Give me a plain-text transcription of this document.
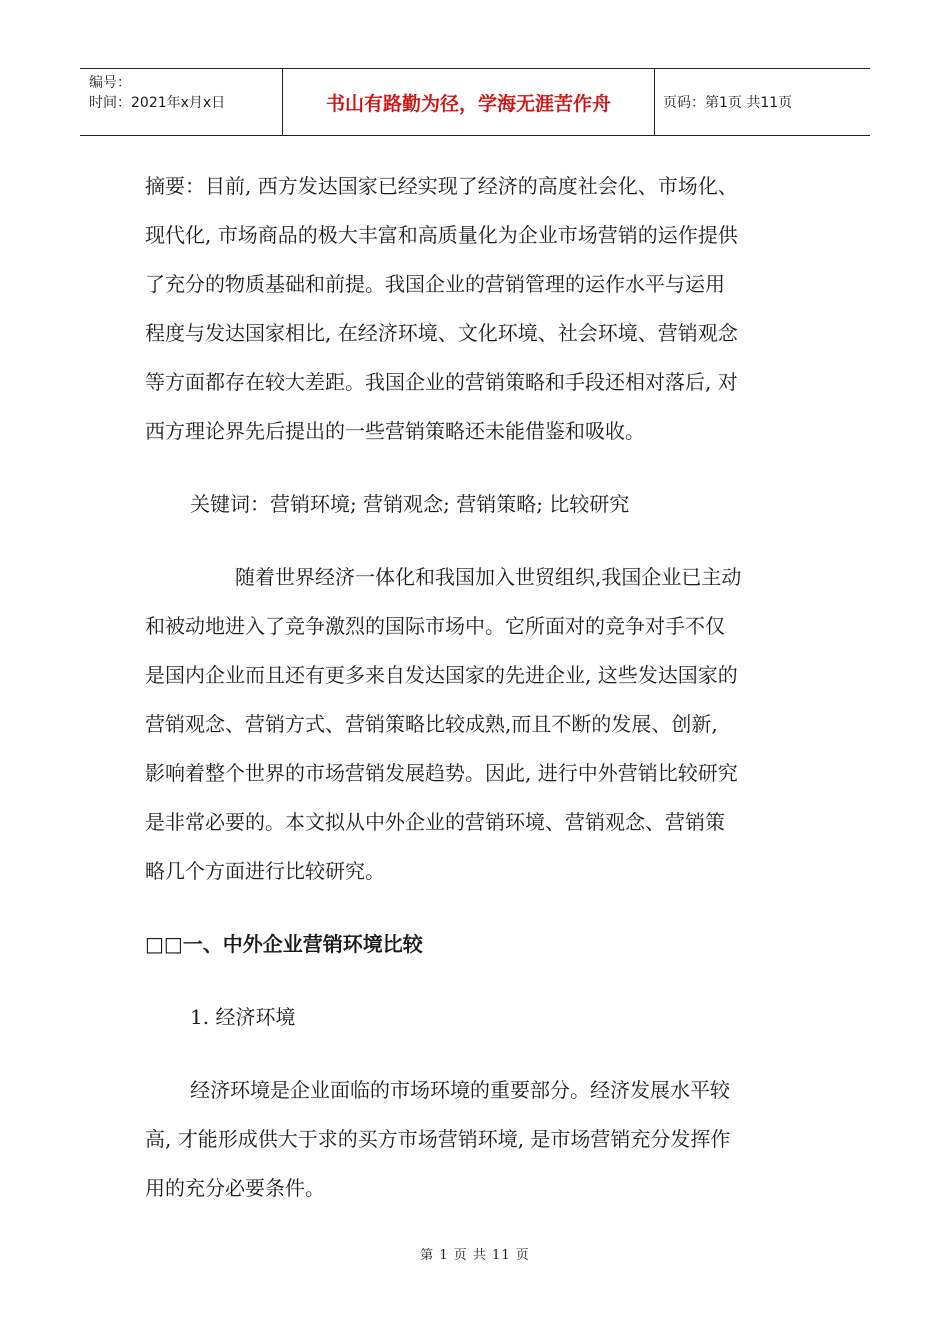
编号：
时间：2021年x月x日	书山有路勤为径，学海无涯苦作舟	页码：第1页 共11页

摘要：目前, 西方发达国家已经实现了经济的高度社会化、市场化、

现代化, 市场商品的极大丰富和高质量化为企业市场营销的运作提供

了充分的物质基础和前提。我国企业的营销管理的运作水平与运用

程度与发达国家相比, 在经济环境、文化环境、社会环境、营销观念

等方面都存在较大差距。我国企业的营销策略和手段还相对落后, 对

西方理论界先后提出的一些营销策略还未能借鉴和吸收。

关键词：营销环境; 营销观念; 营销策略; 比较研究

随着世界经济一体化和我国加入世贸组织,我国企业已主动

和被动地进入了竞争激烈的国际市场中。它所面对的竞争对手不仅

是国内企业而且还有更多来自发达国家的先进企业, 这些发达国家的

营销观念、营销方式、营销策略比较成熟,而且不断的发展、创新,

影响着整个世界的市场营销发展趋势。因此, 进行中外营销比较研究

是非常必要的。本文拟从中外企业的营销环境、营销观念、营销策

略几个方面进行比较研究。

□□一、中外企业营销环境比较

1. 经济环境

经济环境是企业面临的市场环境的重要部分。经济发展水平较

高, 才能形成供大于求的买方市场营销环境, 是市场营销充分发挥作

用的充分必要条件。

第 1 页 共 11 页
